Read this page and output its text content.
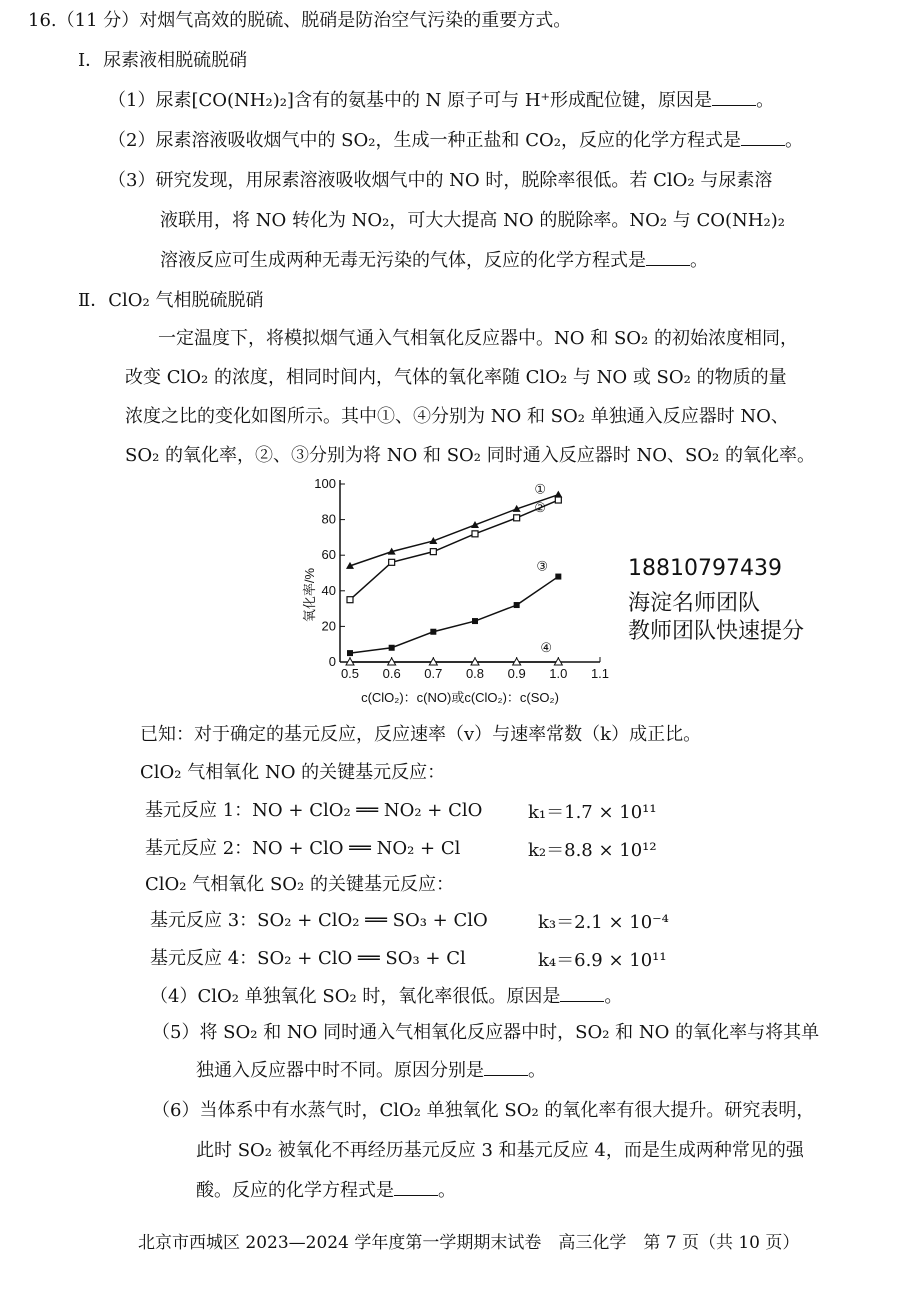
16.（11 分）对烟气高效的脱硫、脱硝是防治空气污染的重要方式。
Ⅰ．尿素液相脱硫脱硝
（1）尿素[CO(NH₂)₂]含有的氨基中的 N 原子可与 H⁺形成配位键，原因是 。
（2）尿素溶液吸收烟气中的 SO₂，生成一种正盐和 CO₂，反应的化学方程式是 。
（3）研究发现，用尿素溶液吸收烟气中的 NO 时，脱除率很低。若 ClO₂ 与尿素溶
液联用，将 NO 转化为 NO₂，可大大提高 NO 的脱除率。NO₂ 与 CO(NH₂)₂
溶液反应可生成两种无毒无污染的气体，反应的化学方程式是 。
Ⅱ．ClO₂ 气相脱硫脱硝
一定温度下，将模拟烟气通入气相氧化反应器中。NO 和 SO₂ 的初始浓度相同，
改变 ClO₂ 的浓度，相同时间内，气体的氧化率随 ClO₂ 与 NO 或 SO₂ 的物质的量
浓度之比的变化如图所示。其中①、④分别为 NO 和 SO₂ 单独通入反应器时 NO、
SO₂ 的氧化率，②、③分别为将 NO 和 SO₂ 同时通入反应器时 NO、SO₂ 的氧化率。
0
20
40
60
80
100
0.5 0.6 0.7 0.8 0.9 1.0 1.1
①
②
③
④
氧化率/%
c(ClO₂)：c(NO)或c(ClO₂)：c(SO₂)
18810797439
海淀名师团队
教师团队快速提分
已知：对于确定的基元反应，反应速率（v）与速率常数（k）成正比。
ClO₂ 气相氧化 NO 的关键基元反应：
基元反应 1：NO + ClO₂ ══ NO₂ + ClO	k₁＝1.7 × 10¹¹
基元反应 2：NO + ClO ══ NO₂ + Cl	k₂＝8.8 × 10¹²
ClO₂ 气相氧化 SO₂ 的关键基元反应：
基元反应 3：SO₂ + ClO₂ ══ SO₃ + ClO	k₃＝2.1 × 10⁻⁴
基元反应 4：SO₂ + ClO ══ SO₃ + Cl	k₄＝6.9 × 10¹¹
（4）ClO₂ 单独氧化 SO₂ 时，氧化率很低。原因是 。
（5）将 SO₂ 和 NO 同时通入气相氧化反应器中时，SO₂ 和 NO 的氧化率与将其单
独通入反应器中时不同。原因分别是 。
（6）当体系中有水蒸气时，ClO₂ 单独氧化 SO₂ 的氧化率有很大提升。研究表明，
此时 SO₂ 被氧化不再经历基元反应 3 和基元反应 4，而是生成两种常见的强
酸。反应的化学方程式是 。
北京市西城区 2023—2024 学年度第一学期期末试卷　高三化学　第 7 页（共 10 页）
